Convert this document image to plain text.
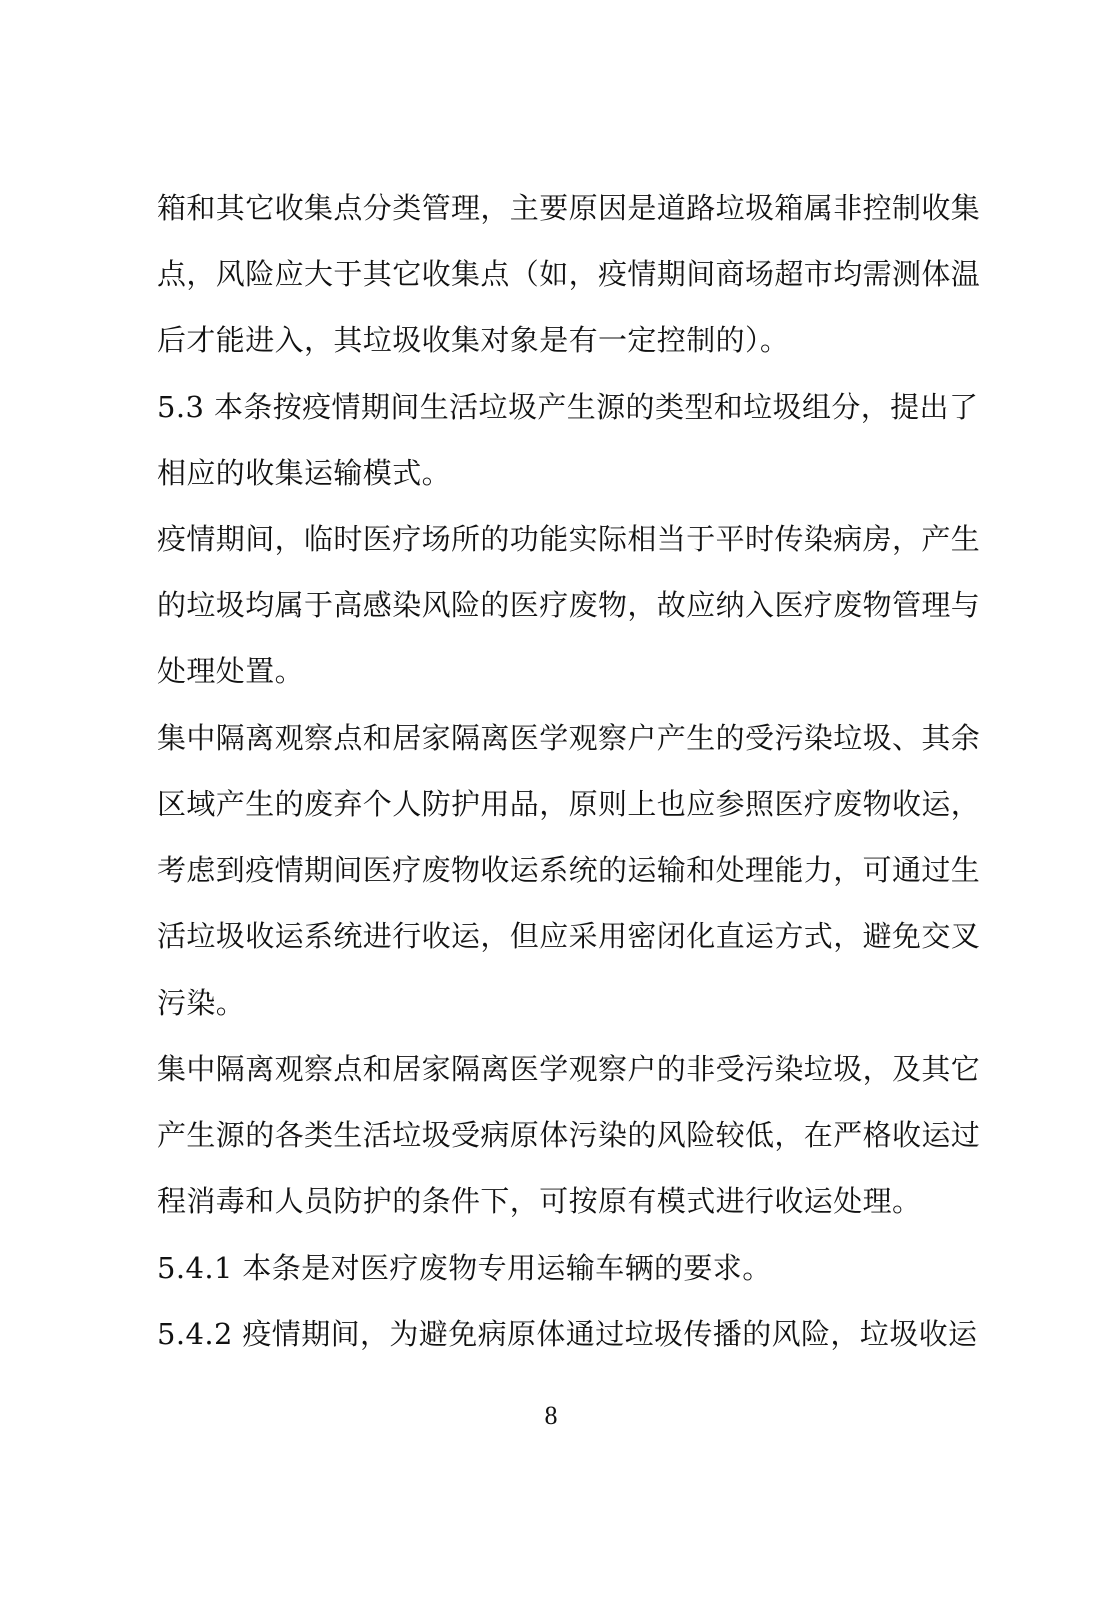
箱和其它收集点分类管理，主要原因是道路垃圾箱属非控制收集
点，风险应大于其它收集点（如，疫情期间商场超市均需测体温
后才能进入，其垃圾收集对象是有一定控制的）。
5.3 本条按疫情期间生活垃圾产生源的类型和垃圾组分，提出了
相应的收集运输模式。
疫情期间，临时医疗场所的功能实际相当于平时传染病房，产生
的垃圾均属于高感染风险的医疗废物，故应纳入医疗废物管理与
处理处置。
集中隔离观察点和居家隔离医学观察户产生的受污染垃圾、其余
区域产生的废弃个人防护用品，原则上也应参照医疗废物收运，
考虑到疫情期间医疗废物收运系统的运输和处理能力，可通过生
活垃圾收运系统进行收运，但应采用密闭化直运方式，避免交叉
污染。
集中隔离观察点和居家隔离医学观察户的非受污染垃圾，及其它
产生源的各类生活垃圾受病原体污染的风险较低，在严格收运过
程消毒和人员防护的条件下，可按原有模式进行收运处理。
5.4.1 本条是对医疗废物专用运输车辆的要求。
5.4.2 疫情期间，为避免病原体通过垃圾传播的风险，垃圾收运
8
